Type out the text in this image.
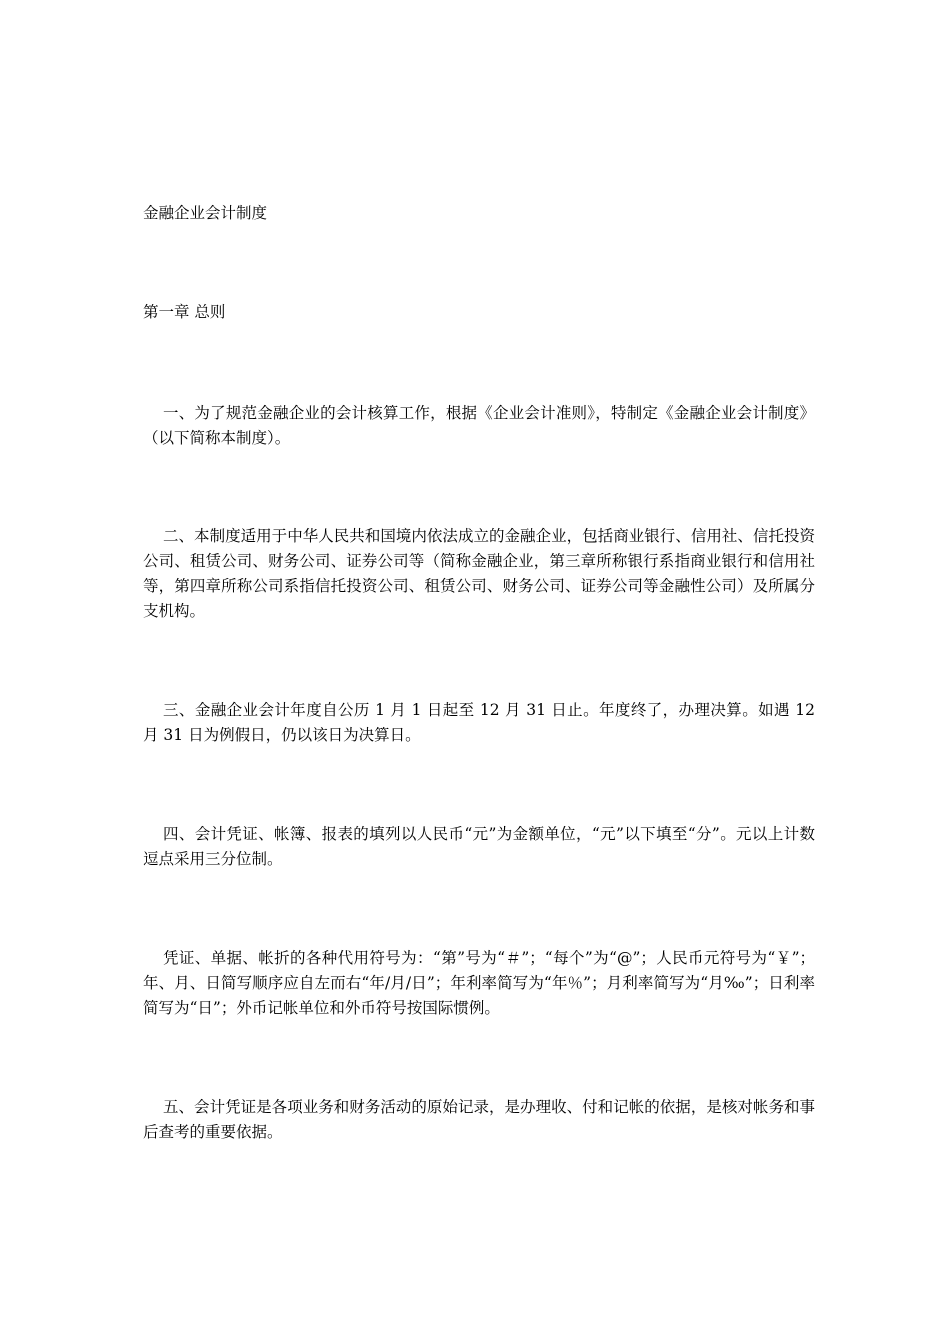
金融企业会计制度
第一章 总则

一、为了规范金融企业的会计核算工作，根据《企业会计准则》，特制定《金融企业会计制度》（以下简称本制度）。

二、本制度适用于中华人民共和国境内依法成立的金融企业，包括商业银行、信用社、信托投资公司、租赁公司、财务公司、证券公司等（简称金融企业，第三章所称银行系指商业银行和信用社等，第四章所称公司系指信托投资公司、租赁公司、财务公司、证券公司等金融性公司）及所属分支机构。

三、金融企业会计年度自公历 1 月 1 日起至 12 月 31 日止。年度终了，办理决算。如遇 12 月 31 日为例假日，仍以该日为决算日。

四、会计凭证、帐簿、报表的填列以人民币“元”为金额单位，“元”以下填至“分”。元以上计数逗点采用三分位制。

凭证、单据、帐折的各种代用符号为：“第”号为“＃”；“每个”为“@”；人民币元符号为“￥”；年、月、日简写顺序应自左而右“年/月/日”；年利率简写为“年％”；月利率简写为“月‰”；日利率简写为“日”；外币记帐单位和外币符号按国际惯例。

五、会计凭证是各项业务和财务活动的原始记录，是办理收、付和记帐的依据，是核对帐务和事后查考的重要依据。
